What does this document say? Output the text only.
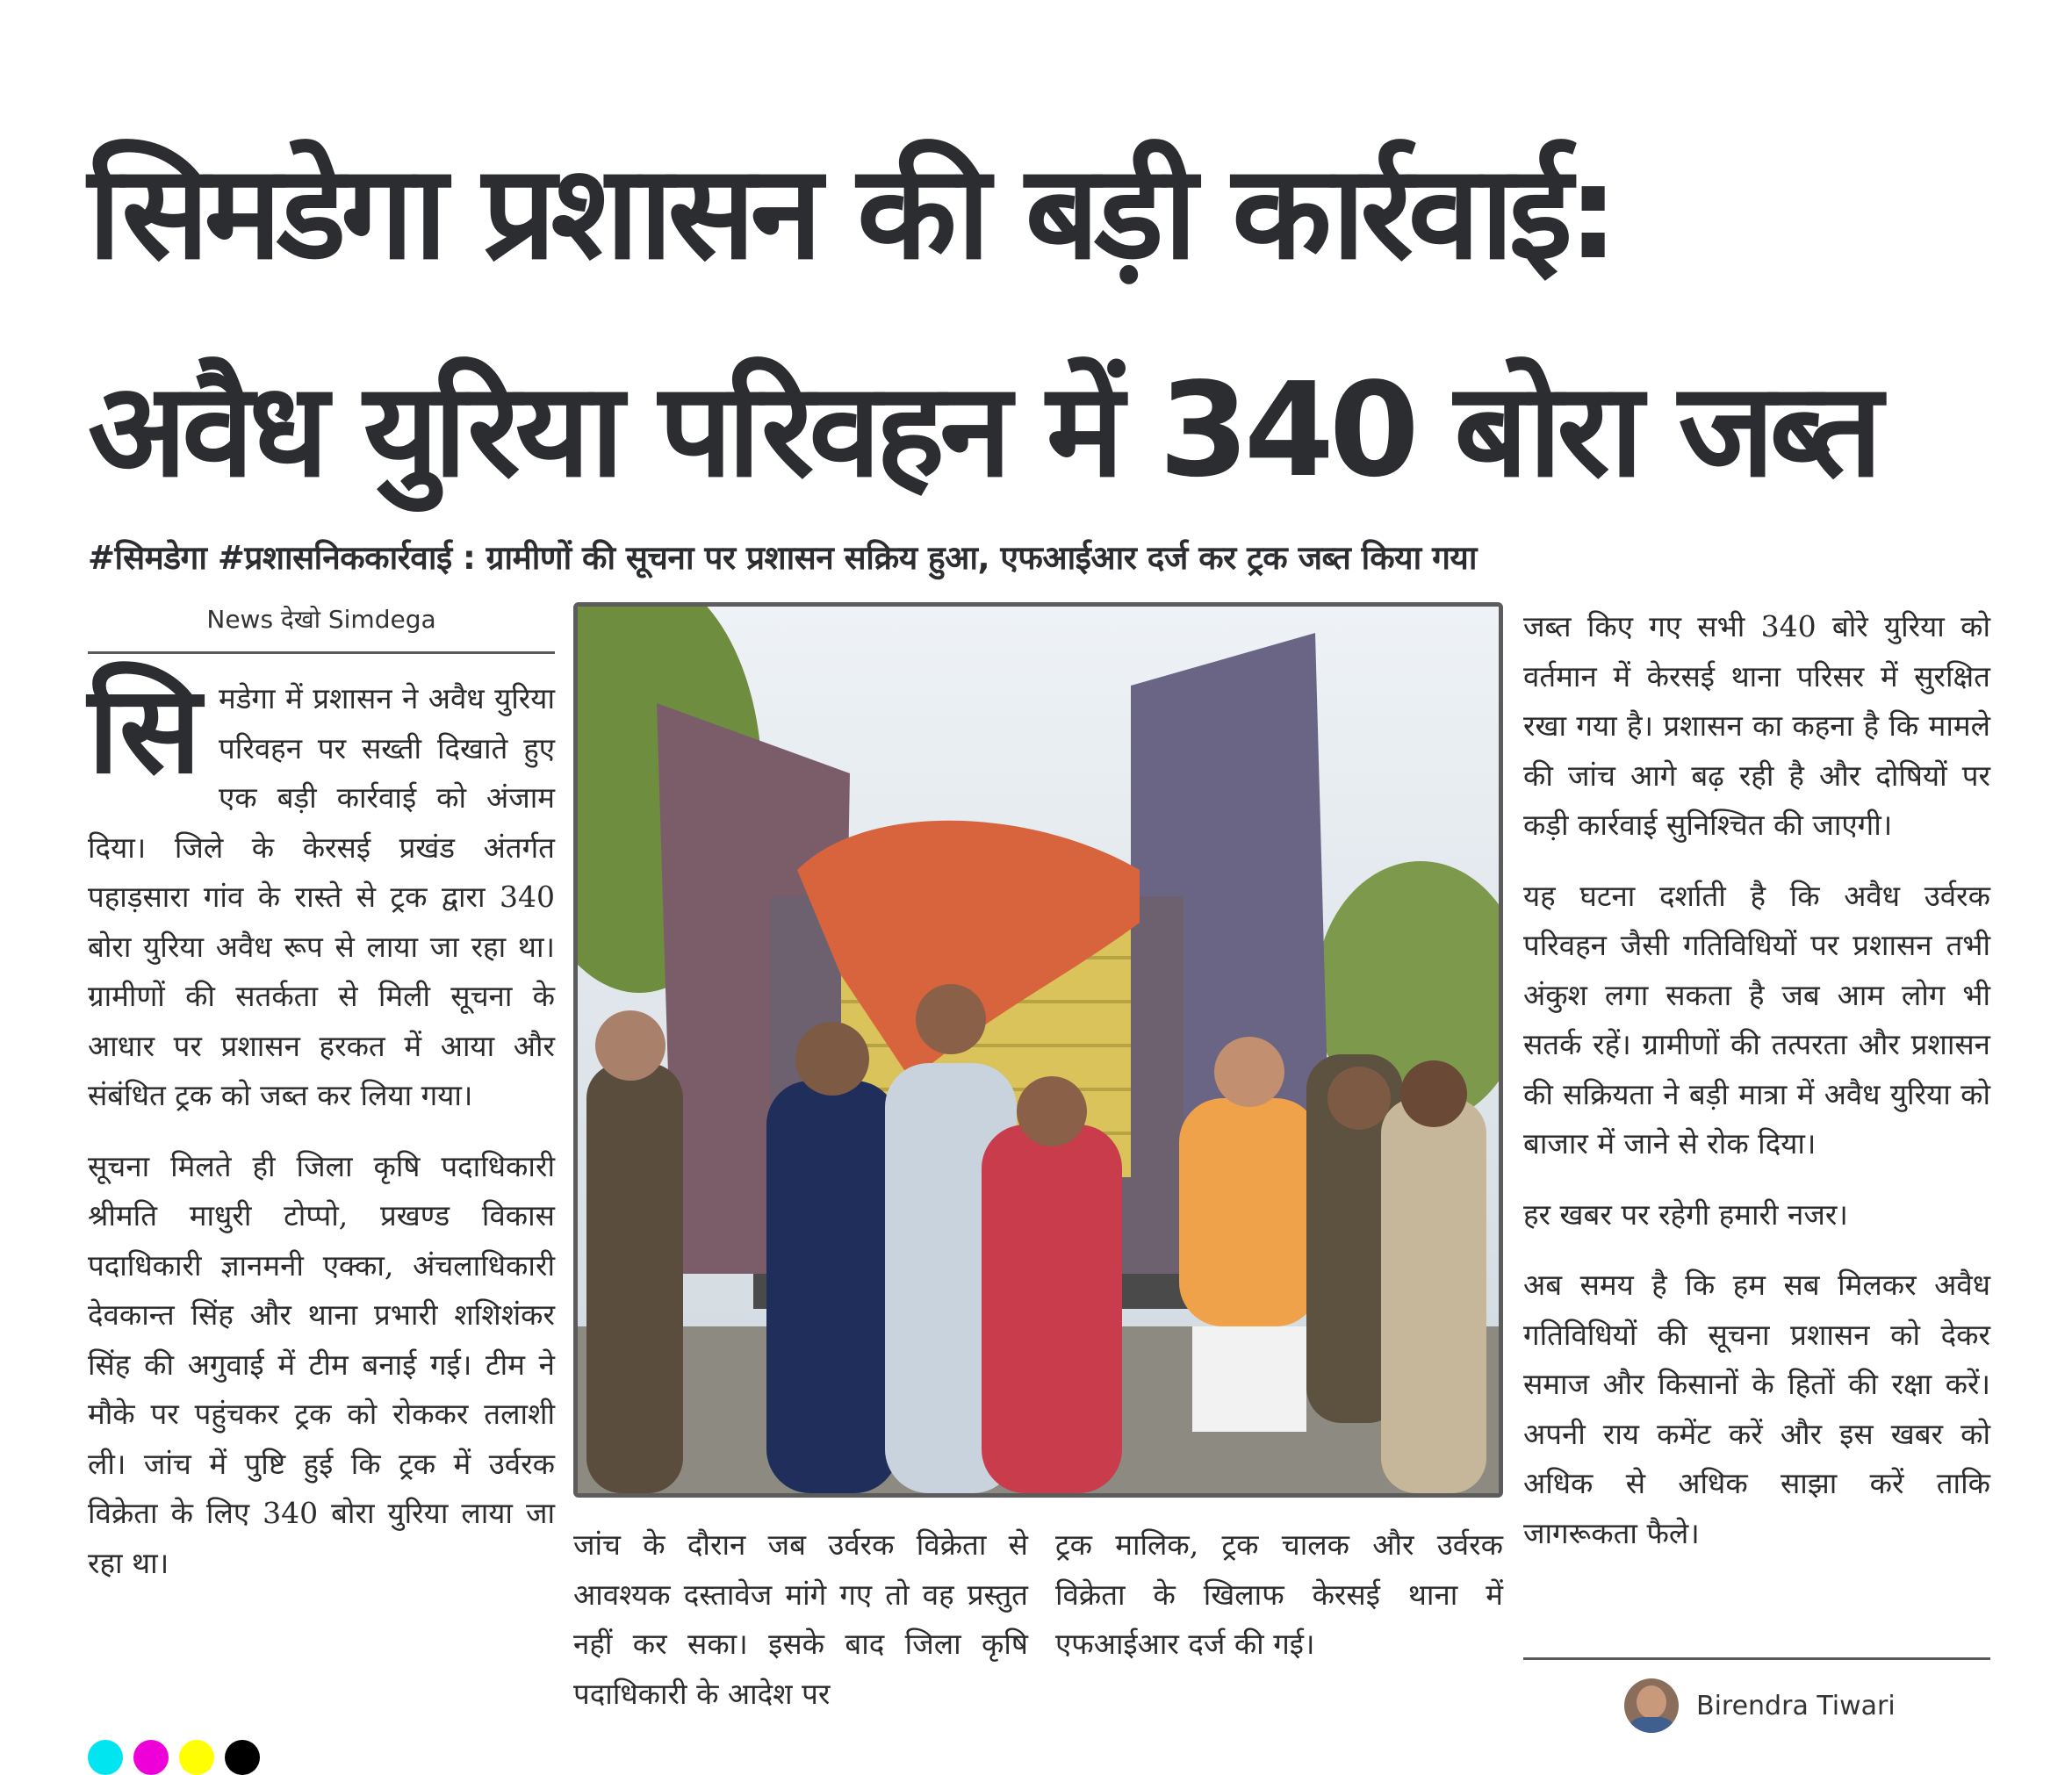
सिमडेगा प्रशासन की बड़ी कार्रवाई:
अवैध युरिया परिवहन में 340 बोरा जब्त
#सिमडेगा #प्रशासनिककार्रवाई : ग्रामीणों की सूचना पर प्रशासन सक्रिय हुआ, एफआईआर दर्ज कर ट्रक जब्त किया गया
News देखो Simdega

सिमडेगा में प्रशासन ने अवैध युरिया परिवहन पर सख्ती दिखाते हुए एक बड़ी कार्रवाई को अंजाम दिया। जिले के केरसई प्रखंड अंतर्गत पहाड़सारा गांव के रास्ते से ट्रक द्वारा 340 बोरा युरिया अवैध रूप से लाया जा रहा था। ग्रामीणों की सतर्कता से मिली सूचना के आधार पर प्रशासन हरकत में आया और संबंधित ट्रक को जब्त कर लिया गया।

सूचना मिलते ही जिला कृषि पदाधिकारी श्रीमति माधुरी टोप्पो, प्रखण्ड विकास पदाधिकारी ज्ञानमनी एक्का, अंचलाधिकारी देवकान्त सिंह और थाना प्रभारी शशिशंकर सिंह की अगुवाई में टीम बनाई गई। टीम ने मौके पर पहुंचकर ट्रक को रोककर तलाशी ली। जांच में पुष्टि हुई कि ट्रक में उर्वरक विक्रेता के लिए 340 बोरा युरिया लाया जा रहा था।

जांच के दौरान जब उर्वरक विक्रेता से आवश्यक दस्तावेज मांगे गए तो वह प्रस्तुत नहीं कर सका। इसके बाद जिला कृषि पदाधिकारी के आदेश पर

ट्रक मालिक, ट्रक चालक और उर्वरक विक्रेता के खिलाफ केरसई थाना में एफआईआर दर्ज की गई।

जब्त किए गए सभी 340 बोरे युरिया को वर्तमान में केरसई थाना परिसर में सुरक्षित रखा गया है। प्रशासन का कहना है कि मामले की जांच आगे बढ़ रही है और दोषियों पर कड़ी कार्रवाई सुनिश्चित की जाएगी।

यह घटना दर्शाती है कि अवैध उर्वरक परिवहन जैसी गतिविधियों पर प्रशासन तभी अंकुश लगा सकता है जब आम लोग भी सतर्क रहें। ग्रामीणों की तत्परता और प्रशासन की सक्रियता ने बड़ी मात्रा में अवैध युरिया को बाजार में जाने से रोक दिया।

हर खबर पर रहेगी हमारी नजर।

अब समय है कि हम सब मिलकर अवैध गतिविधियों की सूचना प्रशासन को देकर समाज और किसानों के हितों की रक्षा करें। अपनी राय कमेंट करें और इस खबर को अधिक से अधिक साझा करें ताकि जागरूकता फैले।

Birendra Tiwari
